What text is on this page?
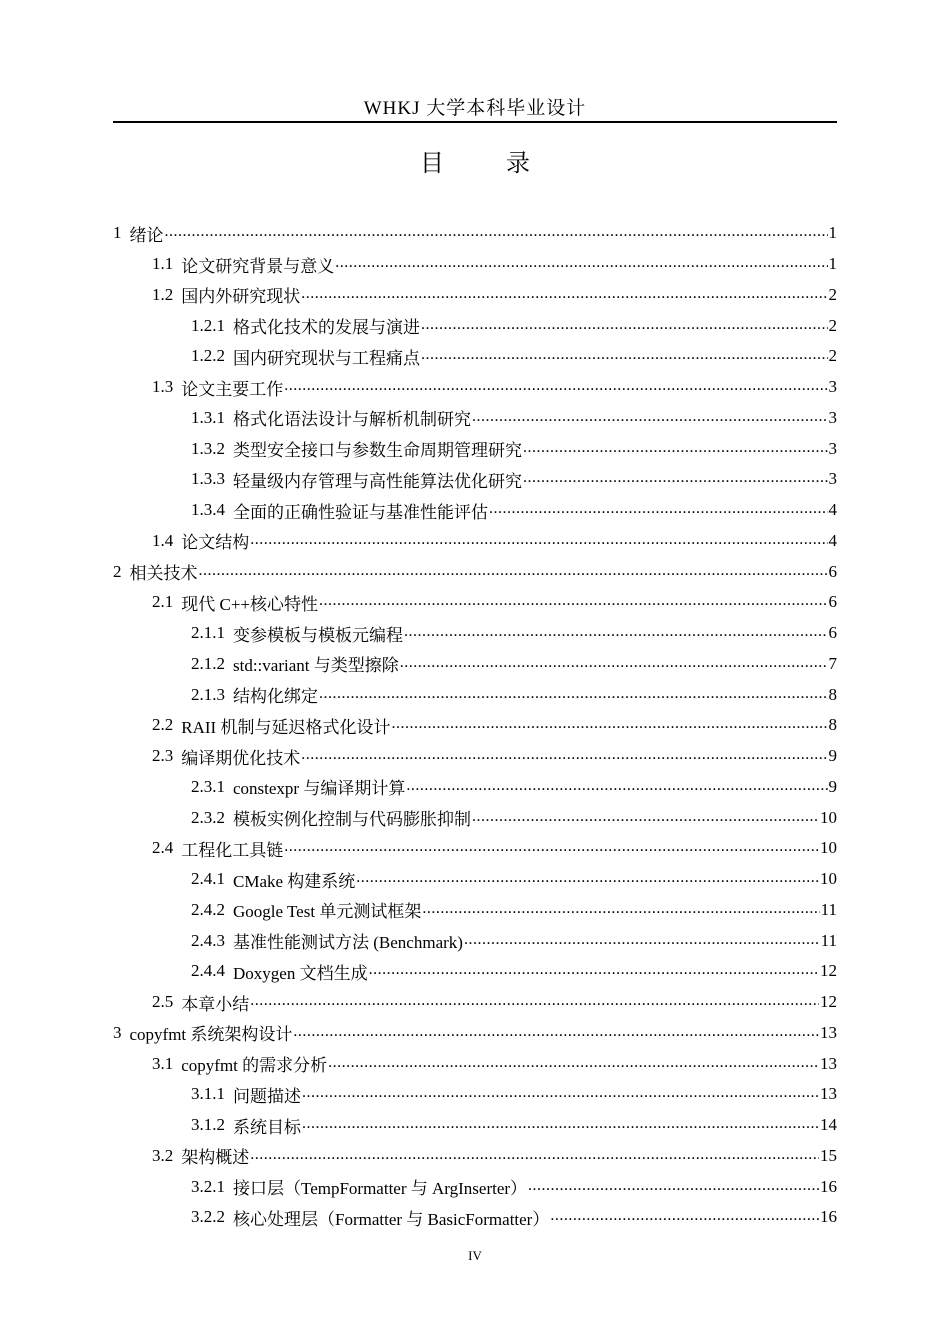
WHKJ 大学本科毕业设计
目 录
1 绪论 .....	1
1.1 论文研究背景与意义 .....	1
1.2 国内外研究现状 .....	2
1.2.1 格式化技术的发展与演进 .....	2
1.2.2 国内研究现状与工程痛点 .....	2
1.3 论文主要工作 .....	3
1.3.1 格式化语法设计与解析机制研究 .....	3
1.3.2 类型安全接口与参数生命周期管理研究 .....	3
1.3.3 轻量级内存管理与高性能算法优化研究 .....	3
1.3.4 全面的正确性验证与基准性能评估 .....	4
1.4 论文结构 .....	4
2 相关技术 .....	6
2.1 现代 C++核心特性 .....	6
2.1.1 变参模板与模板元编程 .....	6
2.1.2 std::variant 与类型擦除 .....	7
2.1.3 结构化绑定 .....	8
2.2 RAII 机制与延迟格式化设计 .....	8
2.3 编译期优化技术 .....	9
2.3.1 constexpr 与编译期计算 .....	9
2.3.2 模板实例化控制与代码膨胀抑制 .....	10
2.4 工程化工具链 .....	10
2.4.1 CMake 构建系统 .....	10
2.4.2 Google Test 单元测试框架 .....	11
2.4.3 基准性能测试方法 (Benchmark) .....	11
2.4.4 Doxygen 文档生成 .....	12
2.5 本章小结 .....	12
3 copyfmt 系统架构设计 .....	13
3.1 copyfmt 的需求分析 .....	13
3.1.1 问题描述 .....	13
3.1.2 系统目标 .....	14
3.2 架构概述 .....	15
3.2.1 接口层（TempFormatter 与 ArgInserter） .....	16
3.2.2 核心处理层（Formatter 与 BasicFormatter） .....	16
IV
